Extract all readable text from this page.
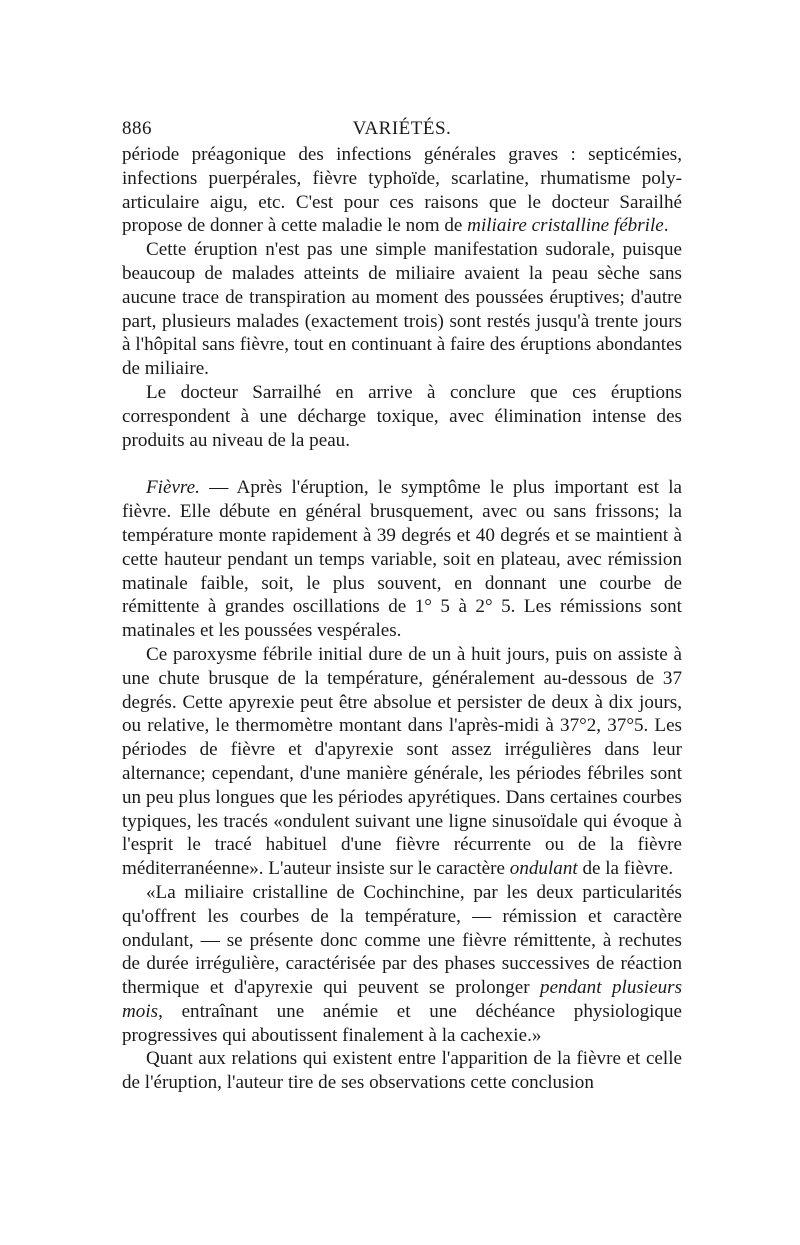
886	VARIÉTÉS.

période préagonique des infections générales graves : septicémies, infections puerpérales, fièvre typhoïde, scarlatine, rhumatisme poly-articulaire aigu, etc. C'est pour ces raisons que le docteur Sarailhé propose de donner à cette maladie le nom de miliaire cristalline fébrile.

Cette éruption n'est pas une simple manifestation sudorale, puisque beaucoup de malades atteints de miliaire avaient la peau sèche sans aucune trace de transpiration au moment des poussées éruptives; d'autre part, plusieurs malades (exactement trois) sont restés jusqu'à trente jours à l'hôpital sans fièvre, tout en continuant à faire des éruptions abondantes de miliaire.

Le docteur Sarrailhé en arrive à conclure que ces éruptions correspondent à une décharge toxique, avec élimination intense des produits au niveau de la peau.

Fièvre. — Après l'éruption, le symptôme le plus important est la fièvre. Elle débute en général brusquement, avec ou sans frissons; la température monte rapidement à 39 degrés et 40 degrés et se maintient à cette hauteur pendant un temps variable, soit en plateau, avec rémission matinale faible, soit, le plus souvent, en donnant une courbe de rémittente à grandes oscillations de 1° 5 à 2° 5. Les rémissions sont matinales et les poussées vespérales.

Ce paroxysme fébrile initial dure de un à huit jours, puis on assiste à une chute brusque de la température, généralement au-dessous de 37 degrés. Cette apyrexie peut être absolue et persister de deux à dix jours, ou relative, le thermomètre montant dans l'après-midi à 37°2, 37°5. Les périodes de fièvre et d'apyrexie sont assez irrégulières dans leur alternance; cependant, d'une manière générale, les périodes fébriles sont un peu plus longues que les périodes apyrétiques. Dans certaines courbes typiques, les tracés «ondulent suivant une ligne sinusoïdale qui évoque à l'esprit le tracé habituel d'une fièvre récurrente ou de la fièvre méditerranéenne». L'auteur insiste sur le caractère ondulant de la fièvre.

«La miliaire cristalline de Cochinchine, par les deux particularités qu'offrent les courbes de la température, — rémission et caractère ondulant, — se présente donc comme une fièvre rémittente, à rechutes de durée irrégulière, caractérisée par des phases successives de réaction thermique et d'apyrexie qui peuvent se prolonger pendant plusieurs mois, entraînant une anémie et une déchéance physiologique progressives qui aboutissent finalement à la cachexie.»

Quant aux relations qui existent entre l'apparition de la fièvre et celle de l'éruption, l'auteur tire de ses observations cette conclusion
